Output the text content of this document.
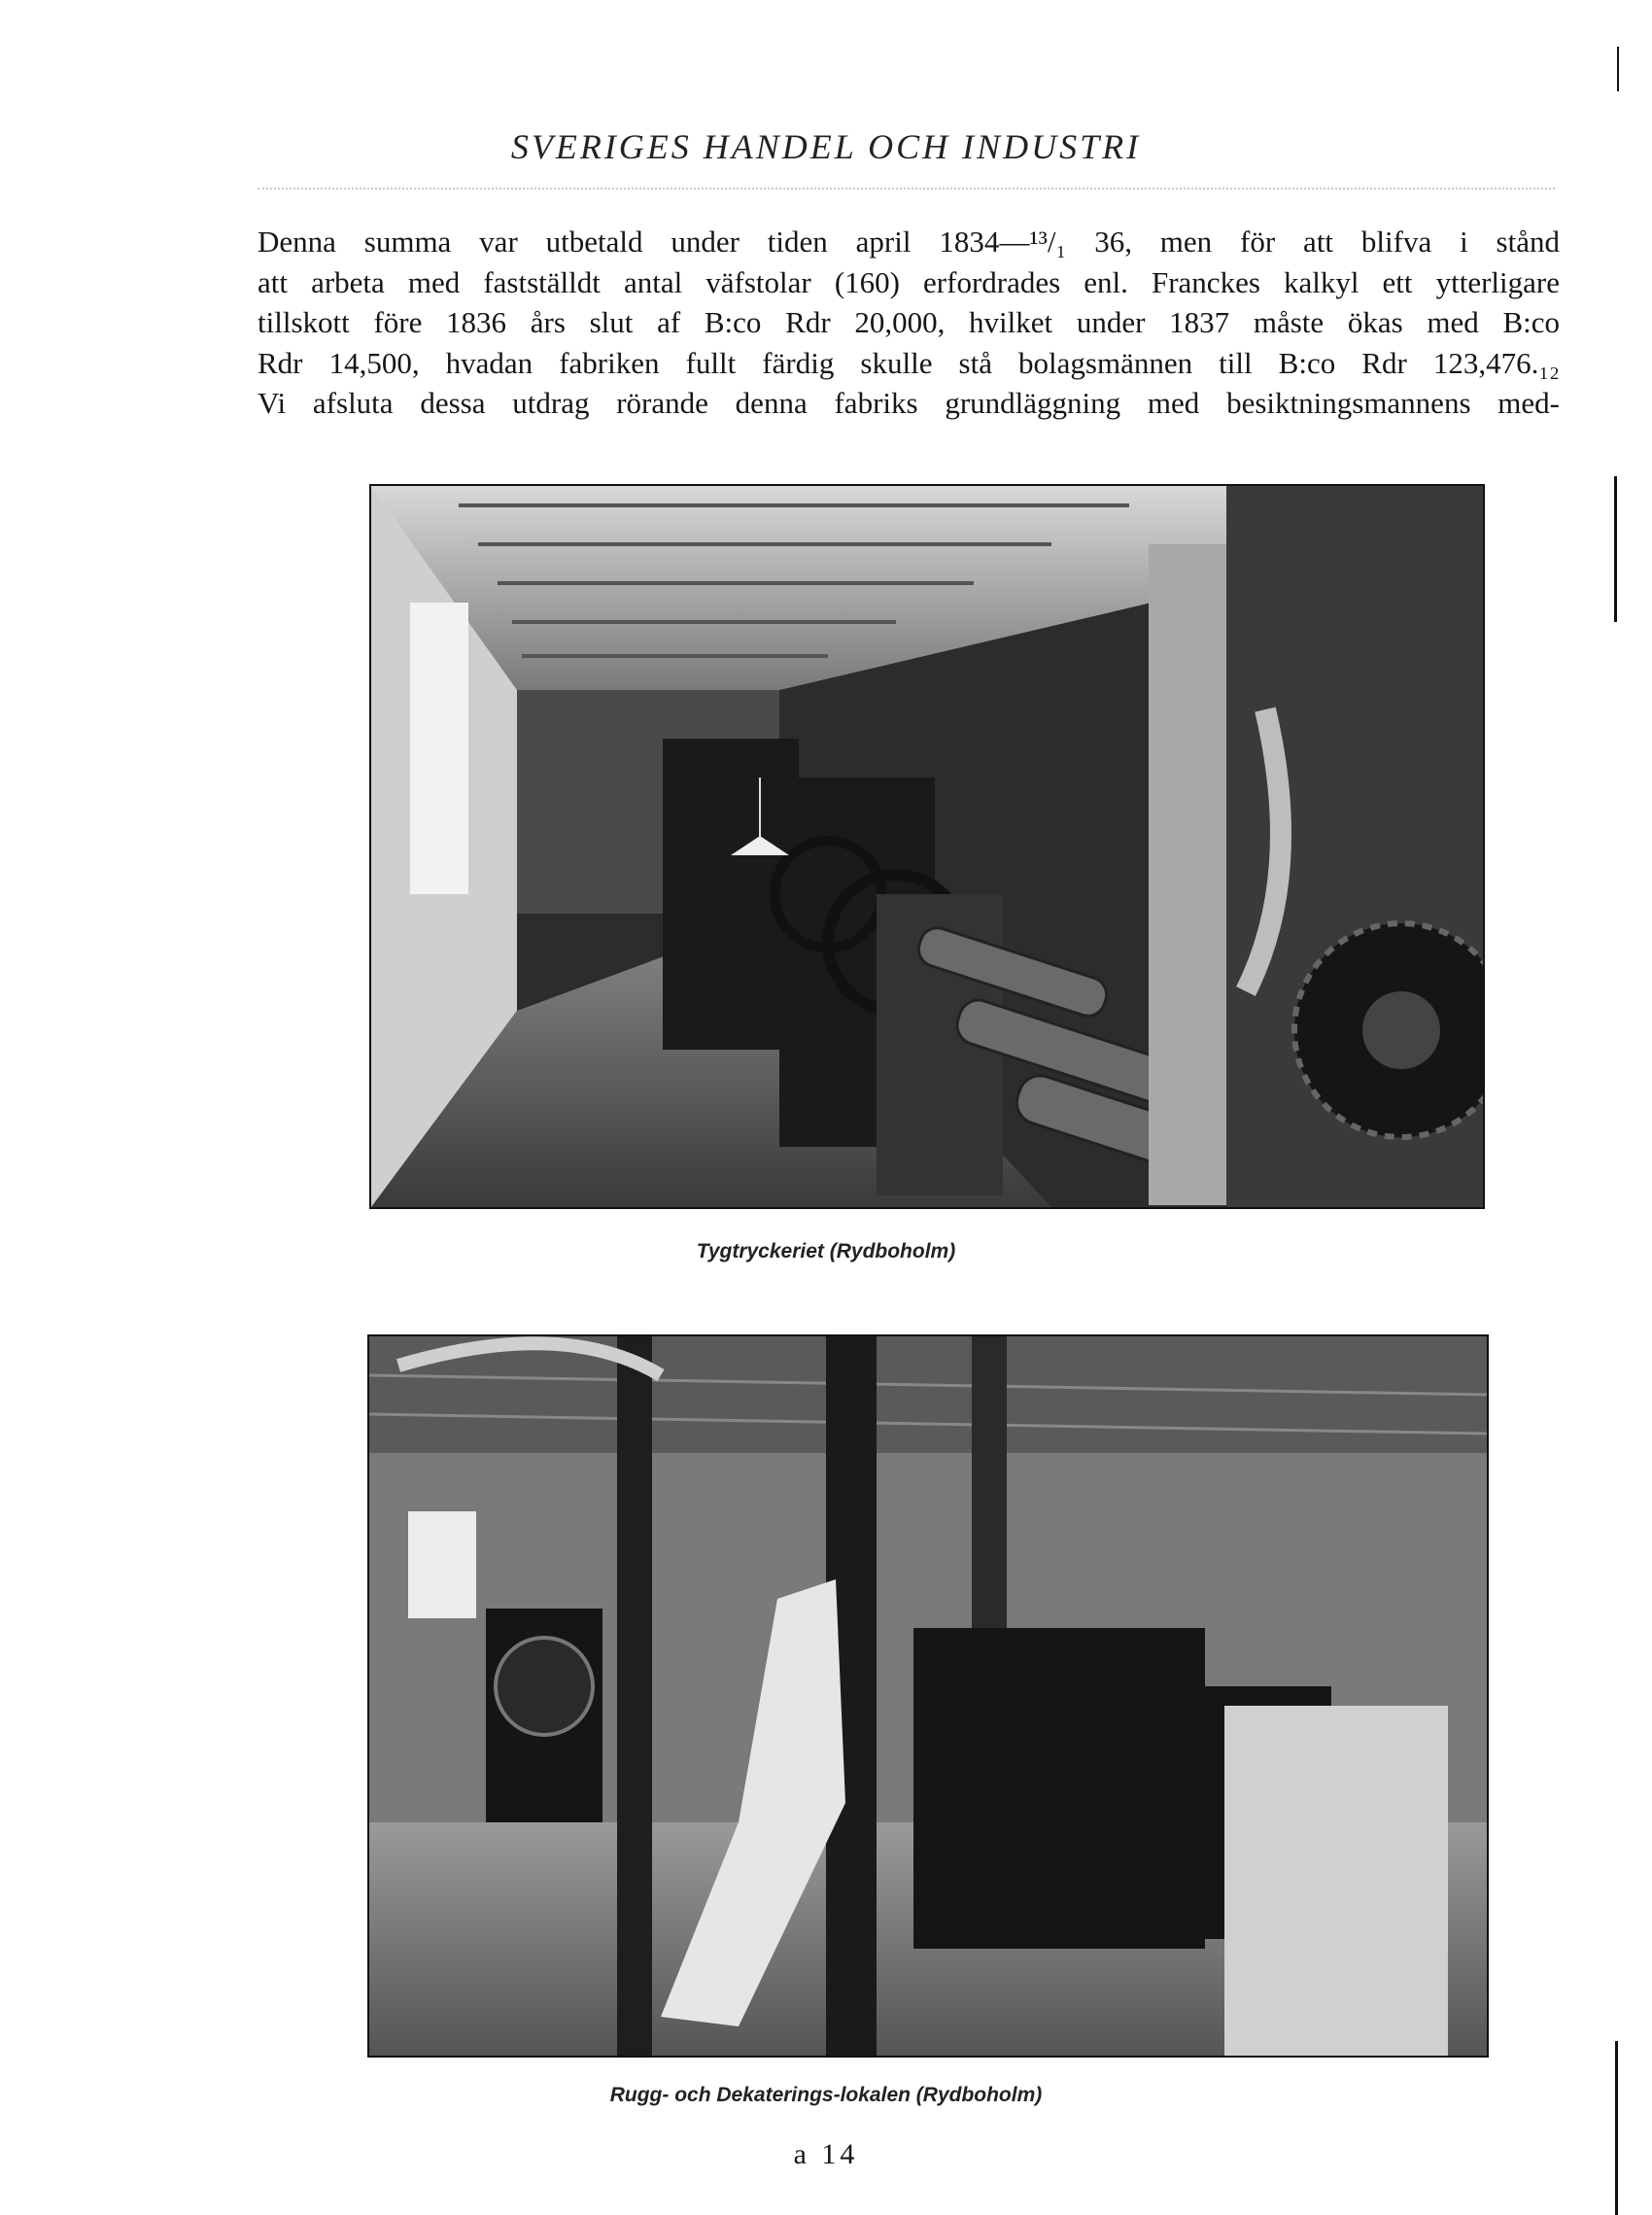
SVERIGES HANDEL OCH INDUSTRI
Denna summa var utbetald under tiden april 1834—¹³/₁ 36, men för att blifva i stånd
att arbeta med fastställdt antal väfstolar (160) erfordrades enl. Franckes kalkyl ett ytterligare
tillskott före 1836 års slut af B:co Rdr 20,000, hvilket under 1837 måste ökas med B:co
Rdr 14,500, hvadan fabriken fullt färdig skulle stå bolagsmännen till B:co Rdr 123,476.₁₂
Vi afsluta dessa utdrag rörande denna fabriks grundläggning med besiktningsmannens med-
Tygtryckeriet (Rydboholm)
Rugg- och Dekaterings-lokalen (Rydboholm)
a 14
